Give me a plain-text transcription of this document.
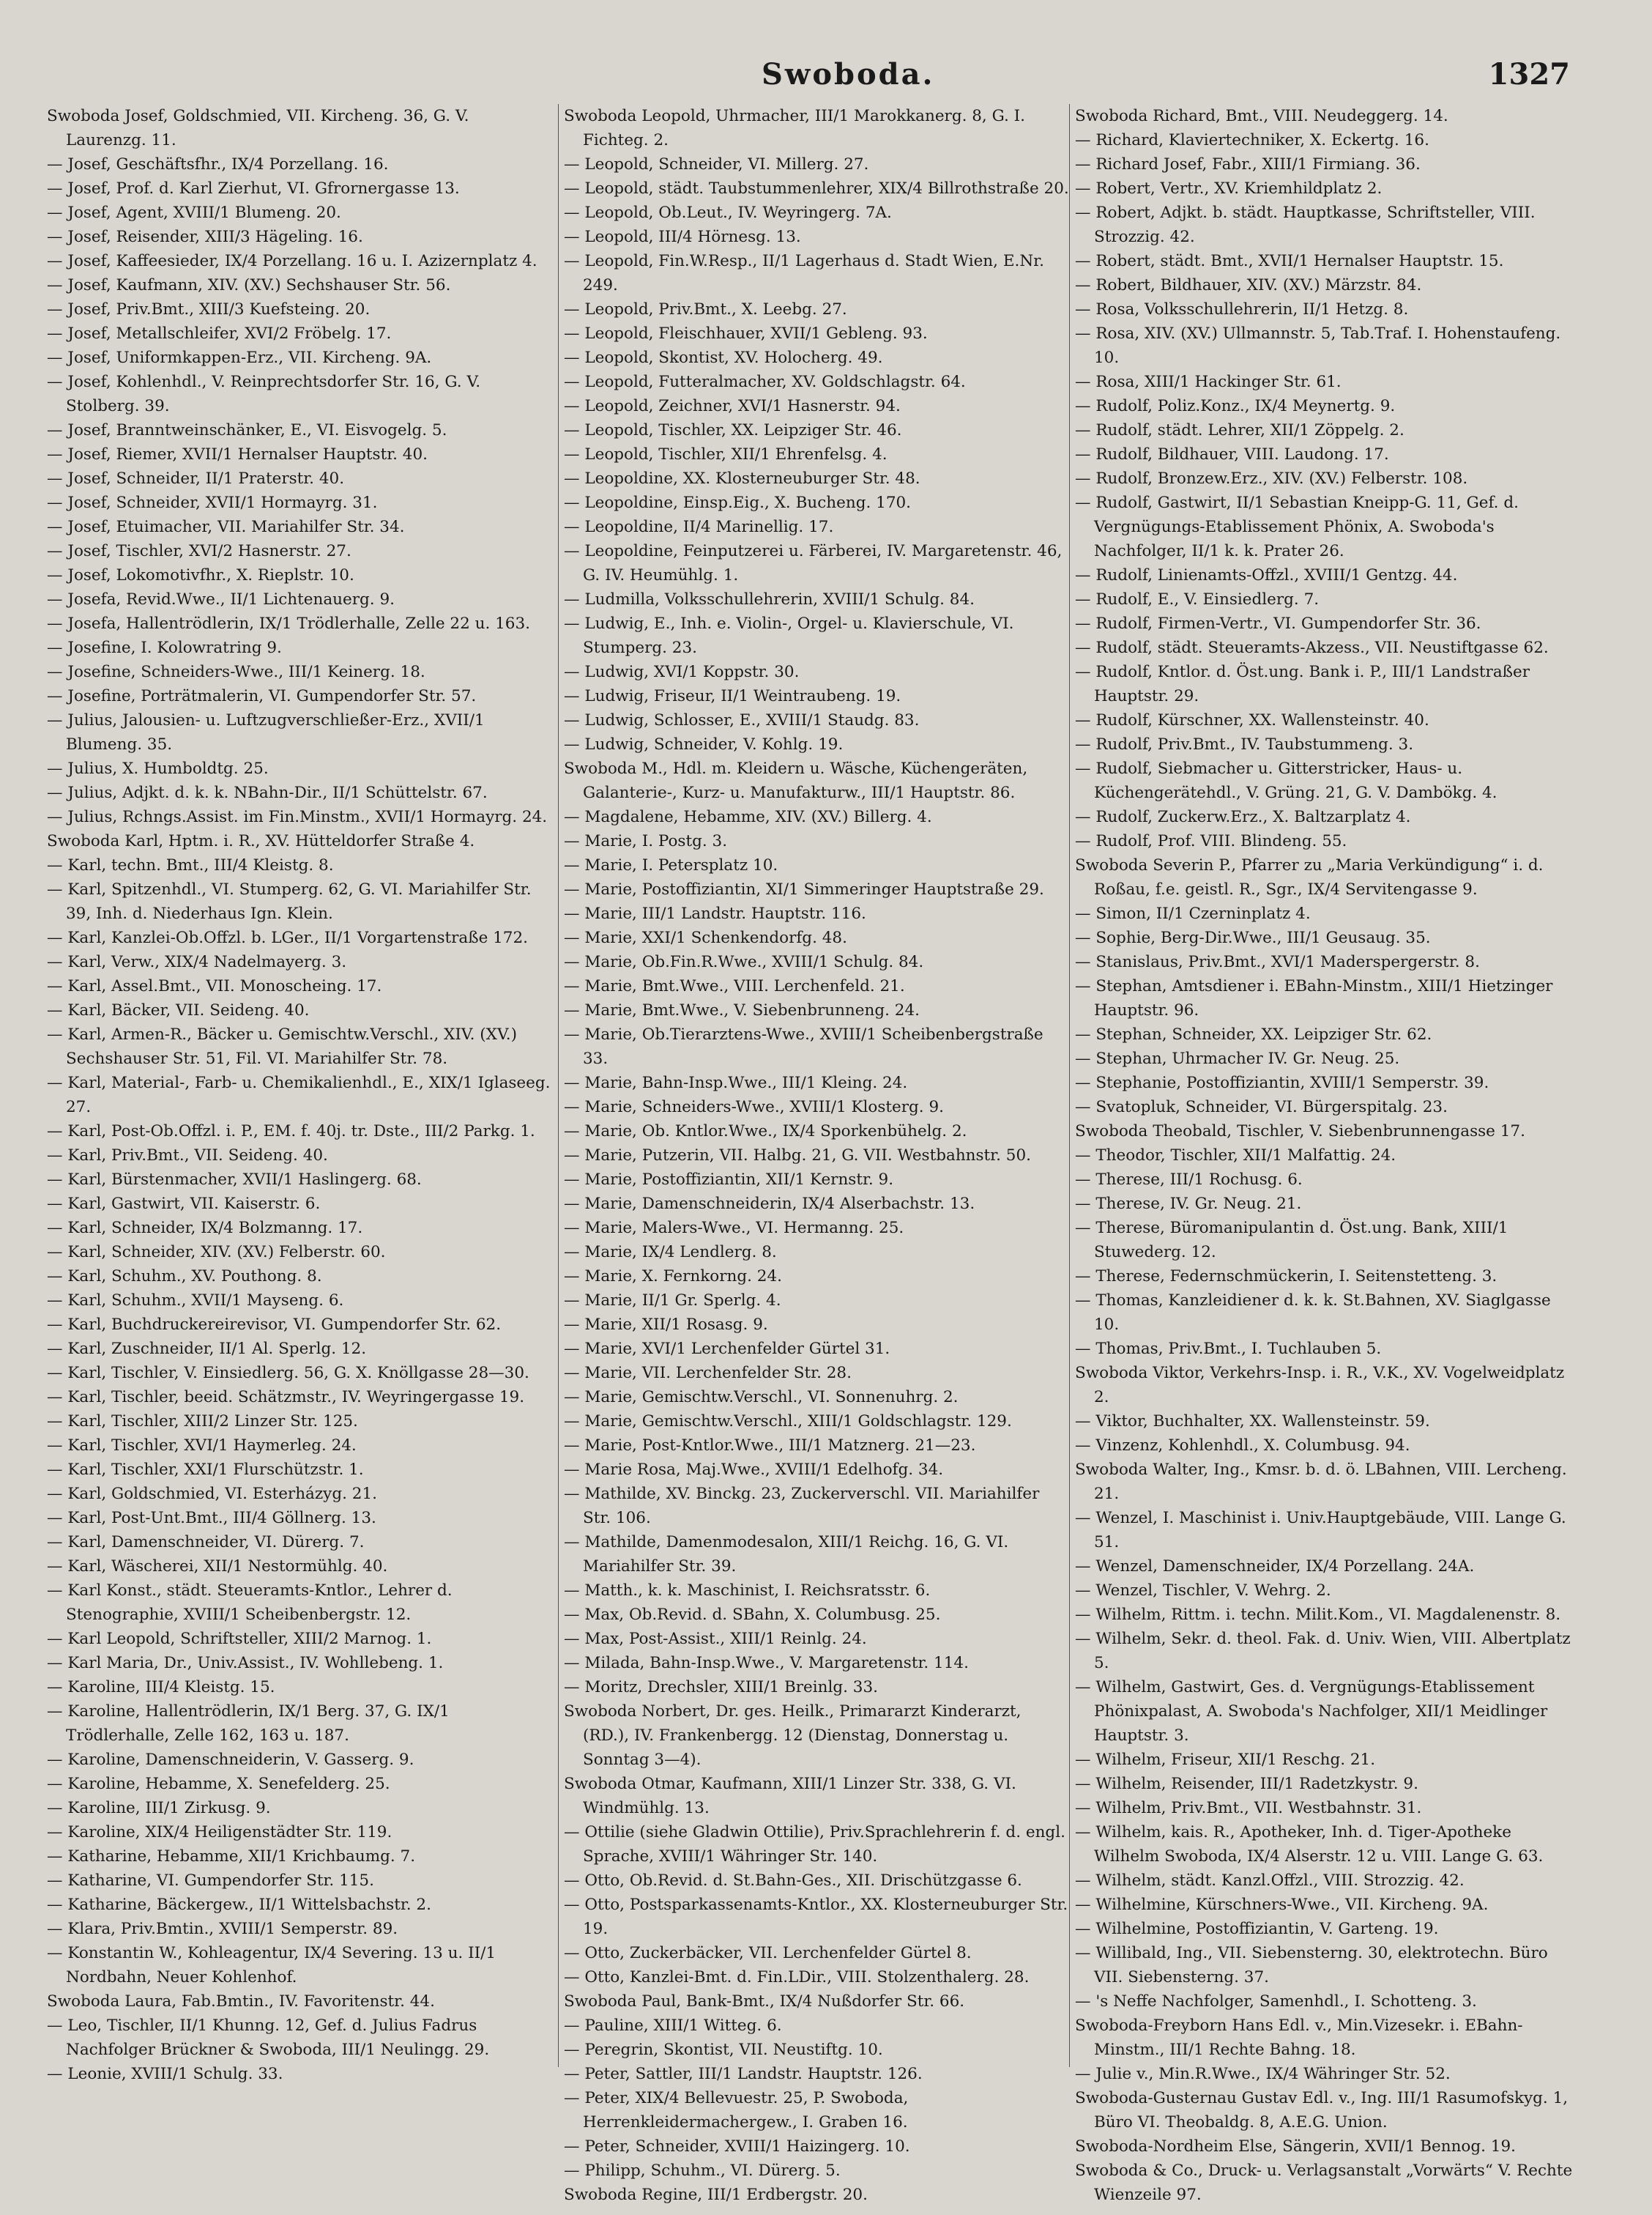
Swoboda.	1327
Swoboda Josef, Goldschmied, VII. Kircheng. 36, G. V. Laurenzg. 11.
— Josef, Geschäftsfhr., IX/4 Porzellang. 16.
— Josef, Prof. d. Karl Zierhut, VI. Gfrornergasse 13.
— Josef, Agent, XVIII/1 Blumeng. 20.
— Josef, Reisender, XIII/3 Hägeling. 16.
— Josef, Kaffeesieder, IX/4 Porzellang. 16 u. I. Azizernplatz 4.
— Josef, Kaufmann, XIV. (XV.) Sechshauser Str. 56.
— Josef, Priv.Bmt., XIII/3 Kuefsteing. 20.
— Josef, Metallschleifer, XVI/2 Fröbelg. 17.
— Josef, Uniformkappen-Erz., VII. Kircheng. 9A.
— Josef, Kohlenhdl., V. Reinprechtsdorfer Str. 16, G. V. Stolberg. 39.
— Josef, Branntweinschänker, E., VI. Eisvogelg. 5.
— Josef, Riemer, XVII/1 Hernalser Hauptstr. 40.
— Josef, Schneider, II/1 Praterstr. 40.
— Josef, Schneider, XVII/1 Hormayrg. 31.
— Josef, Etuimacher, VII. Mariahilfer Str. 34.
— Josef, Tischler, XVI/2 Hasnerstr. 27.
— Josef, Lokomotivfhr., X. Rieplstr. 10.
— Josefa, Revid.Wwe., II/1 Lichtenauerg. 9.
— Josefa, Hallentrödlerin, IX/1 Trödlerhalle, Zelle 22 u. 163.
— Josefine, I. Kolowratring 9.
— Josefine, Schneiders-Wwe., III/1 Keinerg. 18.
— Josefine, Porträtmalerin, VI. Gumpendorfer Str. 57.
— Julius, Jalousien- u. Luftzugverschließer-Erz., XVII/1 Blumeng. 35.
— Julius, X. Humboldtg. 25.
— Julius, Adjkt. d. k. k. NBahn-Dir., II/1 Schüttelstr. 67.
— Julius, Rchngs.Assist. im Fin.Minstm., XVII/1 Hormayrg. 24.
Swoboda Karl, Hptm. i. R., XV. Hütteldorfer Straße 4.
— Karl, techn. Bmt., III/4 Kleistg. 8.
— Karl, Spitzenhdl., VI. Stumperg. 62, G. VI. Mariahilfer Str. 39, Inh. d. Niederhaus Ign. Klein.
— Karl, Kanzlei-Ob.Offzl. b. LGer., II/1 Vorgartenstraße 172.
— Karl, Verw., XIX/4 Nadelmayerg. 3.
— Karl, Assel.Bmt., VII. Monoscheing. 17.
— Karl, Bäcker, VII. Seideng. 40.
— Karl, Armen-R., Bäcker u. Gemischtw.Verschl., XIV. (XV.) Sechshauser Str. 51, Fil. VI. Mariahilfer Str. 78.
— Karl, Material-, Farb- u. Chemikalienhdl., E., XIX/1 Iglaseeg. 27.
— Karl, Post-Ob.Offzl. i. P., EM. f. 40j. tr. Dste., III/2 Parkg. 1.
— Karl, Priv.Bmt., VII. Seideng. 40.
— Karl, Bürstenmacher, XVII/1 Haslingerg. 68.
— Karl, Gastwirt, VII. Kaiserstr. 6.
— Karl, Schneider, IX/4 Bolzmanng. 17.
— Karl, Schneider, XIV. (XV.) Felberstr. 60.
— Karl, Schuhm., XV. Pouthong. 8.
— Karl, Schuhm., XVII/1 Mayseng. 6.
— Karl, Buchdruckereirevisor, VI. Gumpendorfer Str. 62.
— Karl, Zuschneider, II/1 Al. Sperlg. 12.
— Karl, Tischler, V. Einsiedlerg. 56, G. X. Knöllgasse 28—30.
— Karl, Tischler, beeid. Schätzmstr., IV. Weyringergasse 19.
— Karl, Tischler, XIII/2 Linzer Str. 125.
— Karl, Tischler, XVI/1 Haymerleg. 24.
— Karl, Tischler, XXI/1 Flurschützstr. 1.
— Karl, Goldschmied, VI. Esterházyg. 21.
— Karl, Post-Unt.Bmt., III/4 Göllnerg. 13.
— Karl, Damenschneider, VI. Dürerg. 7.
— Karl, Wäscherei, XII/1 Nestormühlg. 40.
— Karl Konst., städt. Steueramts-Kntlor., Lehrer d. Stenographie, XVIII/1 Scheibenbergstr. 12.
— Karl Leopold, Schriftsteller, XIII/2 Marnog. 1.
— Karl Maria, Dr., Univ.Assist., IV. Wohllebeng. 1.
— Karoline, III/4 Kleistg. 15.
— Karoline, Hallentrödlerin, IX/1 Berg. 37, G. IX/1 Trödlerhalle, Zelle 162, 163 u. 187.
— Karoline, Damenschneiderin, V. Gasserg. 9.
— Karoline, Hebamme, X. Senefelderg. 25.
— Karoline, III/1 Zirkusg. 9.
— Karoline, XIX/4 Heiligenstädter Str. 119.
— Katharine, Hebamme, XII/1 Krichbaumg. 7.
— Katharine, VI. Gumpendorfer Str. 115.
— Katharine, Bäckergew., II/1 Wittelsbachstr. 2.
— Klara, Priv.Bmtin., XVIII/1 Semperstr. 89.
— Konstantin W., Kohleagentur, IX/4 Severing. 13 u. II/1 Nordbahn, Neuer Kohlenhof.
Swoboda Laura, Fab.Bmtin., IV. Favoritenstr. 44.
— Leo, Tischler, II/1 Khunng. 12, Gef. d. Julius Fadrus Nachfolger Brückner & Swoboda, III/1 Neulingg. 29.
— Leonie, XVIII/1 Schulg. 33.
Swoboda Leopold, Uhrmacher, III/1 Marokkanerg. 8, G. I. Fichteg. 2.
— Leopold, Schneider, VI. Millerg. 27.
— Leopold, städt. Taubstummenlehrer, XIX/4 Billrothstraße 20.
— Leopold, Ob.Leut., IV. Weyringerg. 7A.
— Leopold, III/4 Hörnesg. 13.
— Leopold, Fin.W.Resp., II/1 Lagerhaus d. Stadt Wien, E.Nr. 249.
— Leopold, Priv.Bmt., X. Leebg. 27.
— Leopold, Fleischhauer, XVII/1 Gebleng. 93.
— Leopold, Skontist, XV. Holocherg. 49.
— Leopold, Futteralmacher, XV. Goldschlagstr. 64.
— Leopold, Zeichner, XVI/1 Hasnerstr. 94.
— Leopold, Tischler, XX. Leipziger Str. 46.
— Leopold, Tischler, XII/1 Ehrenfelsg. 4.
— Leopoldine, XX. Klosterneuburger Str. 48.
— Leopoldine, Einsp.Eig., X. Bucheng. 170.
— Leopoldine, II/4 Marinellig. 17.
— Leopoldine, Feinputzerei u. Färberei, IV. Margaretenstr. 46, G. IV. Heumühlg. 1.
— Ludmilla, Volksschullehrerin, XVIII/1 Schulg. 84.
— Ludwig, E., Inh. e. Violin-, Orgel- u. Klavierschule, VI. Stumperg. 23.
— Ludwig, XVI/1 Koppstr. 30.
— Ludwig, Friseur, II/1 Weintraubeng. 19.
— Ludwig, Schlosser, E., XVIII/1 Staudg. 83.
— Ludwig, Schneider, V. Kohlg. 19.
Swoboda M., Hdl. m. Kleidern u. Wäsche, Küchengeräten, Galanterie-, Kurz- u. Manufakturw., III/1 Hauptstr. 86.
— Magdalene, Hebamme, XIV. (XV.) Billerg. 4.
— Marie, I. Postg. 3.
— Marie, I. Petersplatz 10.
— Marie, Postoffiziantin, XI/1 Simmeringer Hauptstraße 29.
— Marie, III/1 Landstr. Hauptstr. 116.
— Marie, XXI/1 Schenkendorfg. 48.
— Marie, Ob.Fin.R.Wwe., XVIII/1 Schulg. 84.
— Marie, Bmt.Wwe., VIII. Lerchenfeld. 21.
— Marie, Bmt.Wwe., V. Siebenbrunneng. 24.
— Marie, Ob.Tierarztens-Wwe., XVIII/1 Scheibenbergstraße 33.
— Marie, Bahn-Insp.Wwe., III/1 Kleing. 24.
— Marie, Schneiders-Wwe., XVIII/1 Klosterg. 9.
— Marie, Ob. Kntlor.Wwe., IX/4 Sporkenbühelg. 2.
— Marie, Putzerin, VII. Halbg. 21, G. VII. Westbahnstr. 50.
— Marie, Postoffiziantin, XII/1 Kernstr. 9.
— Marie, Damenschneiderin, IX/4 Alserbachstr. 13.
— Marie, Malers-Wwe., VI. Hermanng. 25.
— Marie, IX/4 Lendlerg. 8.
— Marie, X. Fernkorng. 24.
— Marie, II/1 Gr. Sperlg. 4.
— Marie, XII/1 Rosasg. 9.
— Marie, XVI/1 Lerchenfelder Gürtel 31.
— Marie, VII. Lerchenfelder Str. 28.
— Marie, Gemischtw.Verschl., VI. Sonnenuhrg. 2.
— Marie, Gemischtw.Verschl., XIII/1 Goldschlagstr. 129.
— Marie, Post-Kntlor.Wwe., III/1 Matznerg. 21—23.
— Marie Rosa, Maj.Wwe., XVIII/1 Edelhofg. 34.
— Mathilde, XV. Binckg. 23, Zuckerverschl. VII. Mariahilfer Str. 106.
— Mathilde, Damenmodesalon, XIII/1 Reichg. 16, G. VI. Mariahilfer Str. 39.
— Matth., k. k. Maschinist, I. Reichsratsstr. 6.
— Max, Ob.Revid. d. SBahn, X. Columbusg. 25.
— Max, Post-Assist., XIII/1 Reinlg. 24.
— Milada, Bahn-Insp.Wwe., V. Margaretenstr. 114.
— Moritz, Drechsler, XIII/1 Breinlg. 33.
Swoboda Norbert, Dr. ges. Heilk., Primararzt Kinderarzt, (RD.), IV. Frankenbergg. 12 (Dienstag, Donnerstag u. Sonntag 3—4).
Swoboda Otmar, Kaufmann, XIII/1 Linzer Str. 338, G. VI. Windmühlg. 13.
— Ottilie (siehe Gladwin Ottilie), Priv.Sprachlehrerin f. d. engl. Sprache, XVIII/1 Währinger Str. 140.
— Otto, Ob.Revid. d. St.Bahn-Ges., XII. Drischützgasse 6.
— Otto, Postsparkassenamts-Kntlor., XX. Klosterneuburger Str. 19.
— Otto, Zuckerbäcker, VII. Lerchenfelder Gürtel 8.
— Otto, Kanzlei-Bmt. d. Fin.LDir., VIII. Stolzenthalerg. 28.
Swoboda Paul, Bank-Bmt., IX/4 Nußdorfer Str. 66.
— Pauline, XIII/1 Witteg. 6.
— Peregrin, Skontist, VII. Neustiftg. 10.
— Peter, Sattler, III/1 Landstr. Hauptstr. 126.
— Peter, XIX/4 Bellevuestr. 25, P. Swoboda, Herrenkleidermachergew., I. Graben 16.
— Peter, Schneider, XVIII/1 Haizingerg. 10.
— Philipp, Schuhm., VI. Dürerg. 5.
Swoboda Regine, III/1 Erdbergstr. 20.
Swoboda Richard, Bmt., VIII. Neudeggerg. 14.
— Richard, Klaviertechniker, X. Eckertg. 16.
— Richard Josef, Fabr., XIII/1 Firmiang. 36.
— Robert, Vertr., XV. Kriemhildplatz 2.
— Robert, Adjkt. b. städt. Hauptkasse, Schriftsteller, VIII. Strozzig. 42.
— Robert, städt. Bmt., XVII/1 Hernalser Hauptstr. 15.
— Robert, Bildhauer, XIV. (XV.) Märzstr. 84.
— Rosa, Volksschullehrerin, II/1 Hetzg. 8.
— Rosa, XIV. (XV.) Ullmannstr. 5, Tab.Traf. I. Hohenstaufeng. 10.
— Rosa, XIII/1 Hackinger Str. 61.
— Rudolf, Poliz.Konz., IX/4 Meynertg. 9.
— Rudolf, städt. Lehrer, XII/1 Zöppelg. 2.
— Rudolf, Bildhauer, VIII. Laudong. 17.
— Rudolf, Bronzew.Erz., XIV. (XV.) Felberstr. 108.
— Rudolf, Gastwirt, II/1 Sebastian Kneipp-G. 11, Gef. d. Vergnügungs-Etablissement Phönix, A. Swoboda's Nachfolger, II/1 k. k. Prater 26.
— Rudolf, Linienamts-Offzl., XVIII/1 Gentzg. 44.
— Rudolf, E., V. Einsiedlerg. 7.
— Rudolf, Firmen-Vertr., VI. Gumpendorfer Str. 36.
— Rudolf, städt. Steueramts-Akzess., VII. Neustiftgasse 62.
— Rudolf, Kntlor. d. Öst.ung. Bank i. P., III/1 Landstraßer Hauptstr. 29.
— Rudolf, Kürschner, XX. Wallensteinstr. 40.
— Rudolf, Priv.Bmt., IV. Taubstummeng. 3.
— Rudolf, Siebmacher u. Gitterstricker, Haus- u. Küchengerätehdl., V. Grüng. 21, G. V. Dambökg. 4.
— Rudolf, Zuckerw.Erz., X. Baltzarplatz 4.
— Rudolf, Prof. VIII. Blindeng. 55.
Swoboda Severin P., Pfarrer zu „Maria Verkündigung“ i. d. Roßau, f.e. geistl. R., Sgr., IX/4 Servitengasse 9.
— Simon, II/1 Czerninplatz 4.
— Sophie, Berg-Dir.Wwe., III/1 Geusaug. 35.
— Stanislaus, Priv.Bmt., XVI/1 Maderspergerstr. 8.
— Stephan, Amtsdiener i. EBahn-Minstm., XIII/1 Hietzinger Hauptstr. 96.
— Stephan, Schneider, XX. Leipziger Str. 62.
— Stephan, Uhrmacher IV. Gr. Neug. 25.
— Stephanie, Postoffiziantin, XVIII/1 Semperstr. 39.
— Svatopluk, Schneider, VI. Bürgerspitalg. 23.
Swoboda Theobald, Tischler, V. Siebenbrunnengasse 17.
— Theodor, Tischler, XII/1 Malfattig. 24.
— Therese, III/1 Rochusg. 6.
— Therese, IV. Gr. Neug. 21.
— Therese, Büromanipulantin d. Öst.ung. Bank, XIII/1 Stuwederg. 12.
— Therese, Federnschmückerin, I. Seitenstetteng. 3.
— Thomas, Kanzleidiener d. k. k. St.Bahnen, XV. Siaglgasse 10.
— Thomas, Priv.Bmt., I. Tuchlauben 5.
Swoboda Viktor, Verkehrs-Insp. i. R., V.K., XV. Vogelweidplatz 2.
— Viktor, Buchhalter, XX. Wallensteinstr. 59.
— Vinzenz, Kohlenhdl., X. Columbusg. 94.
Swoboda Walter, Ing., Kmsr. b. d. ö. LBahnen, VIII. Lercheng. 21.
— Wenzel, I. Maschinist i. Univ.Hauptgebäude, VIII. Lange G. 51.
— Wenzel, Damenschneider, IX/4 Porzellang. 24A.
— Wenzel, Tischler, V. Wehrg. 2.
— Wilhelm, Rittm. i. techn. Milit.Kom., VI. Magdalenenstr. 8.
— Wilhelm, Sekr. d. theol. Fak. d. Univ. Wien, VIII. Albertplatz 5.
— Wilhelm, Gastwirt, Ges. d. Vergnügungs-Etablissement Phönixpalast, A. Swoboda's Nachfolger, XII/1 Meidlinger Hauptstr. 3.
— Wilhelm, Friseur, XII/1 Reschg. 21.
— Wilhelm, Reisender, III/1 Radetzkystr. 9.
— Wilhelm, Priv.Bmt., VII. Westbahnstr. 31.
— Wilhelm, kais. R., Apotheker, Inh. d. Tiger-Apotheke Wilhelm Swoboda, IX/4 Alserstr. 12 u. VIII. Lange G. 63.
— Wilhelm, städt. Kanzl.Offzl., VIII. Strozzig. 42.
— Wilhelmine, Kürschners-Wwe., VII. Kircheng. 9A.
— Wilhelmine, Postoffiziantin, V. Garteng. 19.
— Willibald, Ing., VII. Siebensterng. 30, elektrotechn. Büro VII. Siebensterng. 37.
— 's Neffe Nachfolger, Samenhdl., I. Schotteng. 3.
Swoboda-Freyborn Hans Edl. v., Min.Vizesekr. i. EBahn-Minstm., III/1 Rechte Bahng. 18.
— Julie v., Min.R.Wwe., IX/4 Währinger Str. 52.
Swoboda-Gusternau Gustav Edl. v., Ing. III/1 Rasumofskyg. 1, Büro VI. Theobaldg. 8, A.E.G. Union.
Swoboda-Nordheim Else, Sängerin, XVII/1 Bennog. 19.
Swoboda & Co., Druck- u. Verlagsanstalt „Vorwärts“ V. Rechte Wienzeile 97.
